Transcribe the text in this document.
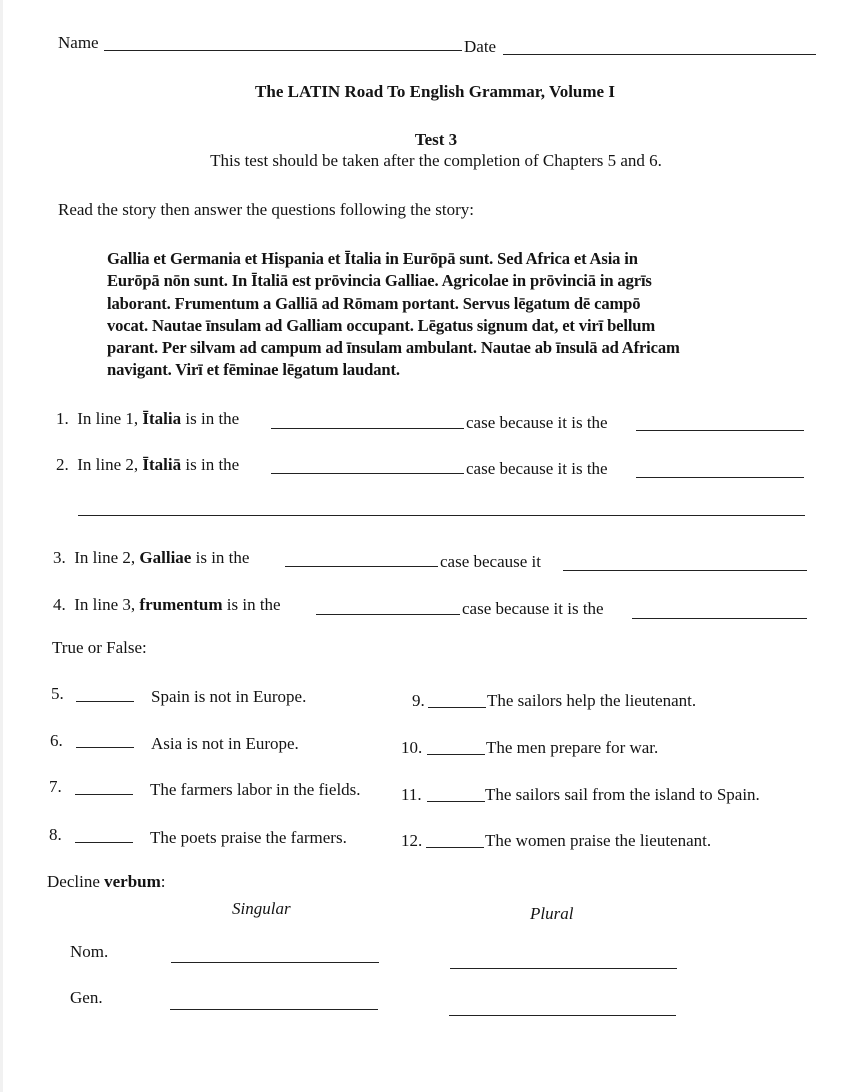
Name	Date
The LATIN Road To English Grammar, Volume I
Test 3
This test should be taken after the completion of Chapters 5 and 6.
Read the story then answer the questions following the story:
Gallia et Germania et Hispania et Ītalia in Eurōpā sunt. Sed Africa et Asia in
Eurōpā nōn sunt. In Ītaliā est prōvincia Galliae. Agricolae in prōvinciā in agrīs
laborant. Frumentum a Galliā ad Rōmam portant. Servus lēgatum dē campō
vocat. Nautae īnsulam ad Galliam occupant. Lēgatus signum dat, et virī bellum
parant. Per silvam ad campum ad īnsulam ambulant. Nautae ab īnsulā ad Africam
navigant. Virī et fēminae lēgatum laudant.
1. In line 1, Ītalia is in the	case because it is the
2. In line 2, Ītaliā is in the	case because it is the
3. In line 2, Galliae is in the	case because it
4. In line 3, frumentum is in the	case because it is the
True or False:
5.	Spain is not in Europe.
6.	Asia is not in Europe.
7.	The farmers labor in the fields.
8.	The poets praise the farmers.
9.	The sailors help the lieutenant.
10.	The men prepare for war.
11.	The sailors sail from the island to Spain.
12.	The women praise the lieutenant.
Decline verbum:
Singular	Plural
Nom.
Gen.
